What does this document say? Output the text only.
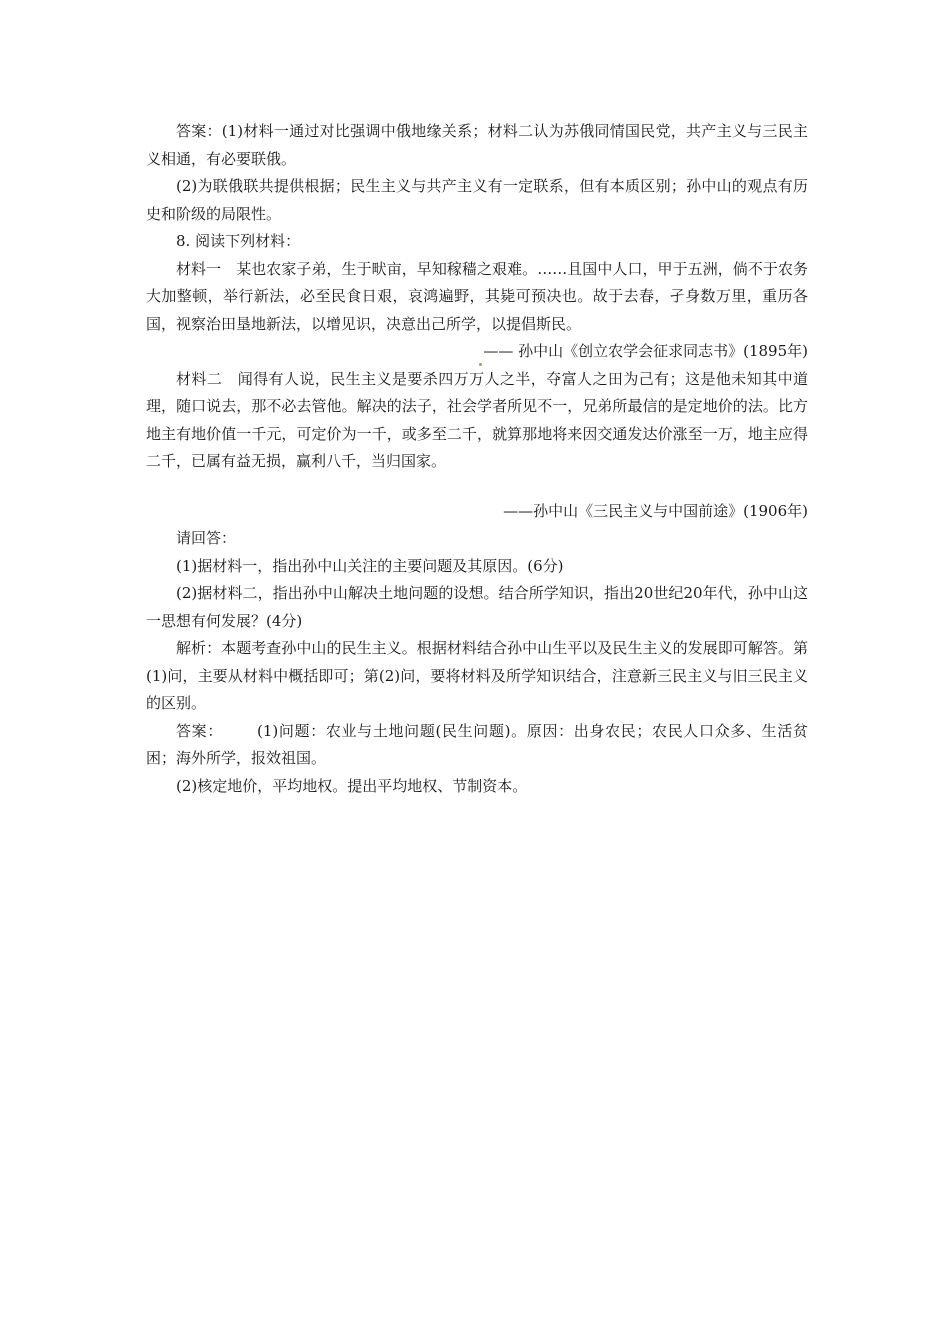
答案：(1)材料一通过对比强调中俄地缘关系；材料二认为苏俄同情国民党，共产主义与三民主义相通，有必要联俄。

(2)为联俄联共提供根据；民生主义与共产主义有一定联系，但有本质区别；孙中山的观点有历史和阶级的局限性。

8. 阅读下列材料：

材料一　某也农家子弟，生于畎亩，早知稼穑之艰难。……且国中人口，甲于五洲，倘不于农务大加整顿，举行新法，必至民食日艰，哀鸿遍野，其毙可预决也。故于去春，孑身数万里，重历各国，视察治田垦地新法，以增见识，决意出己所学，以提倡斯民。

—— 孙中山《创立农学会征求同志书》(1895年)

材料二　闻得有人说，民生主义是要杀四万万人之半，夺富人之田为己有；这是他未知其中道理，随口说去，那不必去管他。解决的法子，社会学者所见不一，兄弟所最信的是定地价的法。比方地主有地价值一千元，可定价为一千，或多至二千，就算那地将来因交通发达价涨至一万，地主应得二千，已属有益无损，赢利八千，当归国家。

——孙中山《三民主义与中国前途》(1906年)

请回答：

(1)据材料一，指出孙中山关注的主要问题及其原因。(6分)

(2)据材料二，指出孙中山解决土地问题的设想。结合所学知识，指出20世纪20年代，孙中山这一思想有何发展？(4分)

解析：本题考查孙中山的民生主义。根据材料结合孙中山生平以及民生主义的发展即可解答。第(1)问，主要从材料中概括即可；第(2)问，要将材料及所学知识结合，注意新三民主义与旧三民主义的区别。

答案： (1)问题：农业与土地问题(民生问题)。原因：出身农民；农民人口众多、生活贫困；海外所学，报效祖国。

(2)核定地价，平均地权。提出平均地权、节制资本。
